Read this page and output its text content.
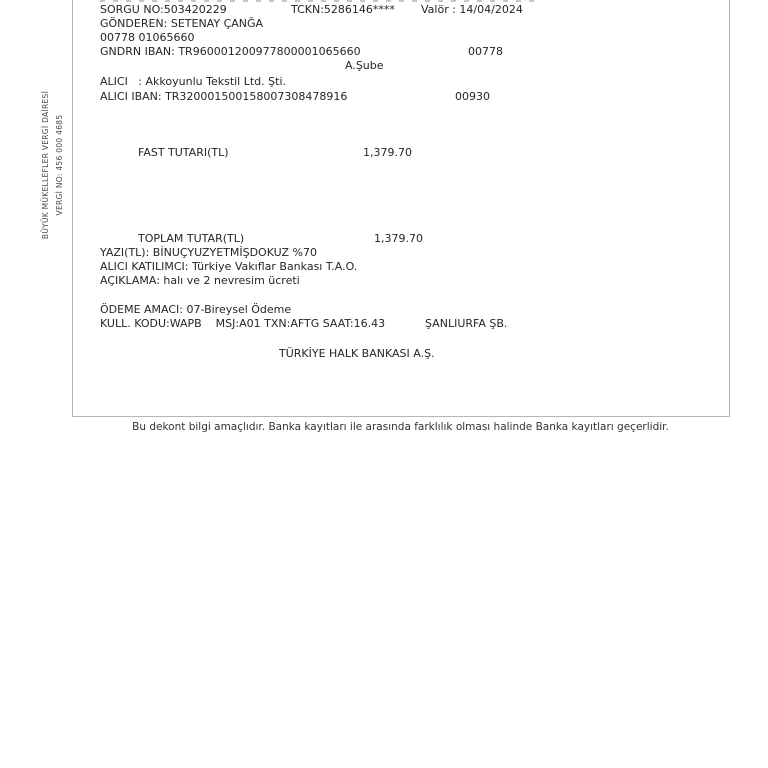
BÜYÜK MÜKELLEFLER VERGİ DAİRESİ VERGİ NO: 456 000 4685
SORGU NO:503420229	TCKN:5286146**** Valör : 14/04/2024
GÖNDEREN: SETENAY ÇANĞA
00778 01065660
GNDRN IBAN: TR960001200977800001065660	00778
A.Şube
ALICI   : Akkoyunlu Tekstil Ltd. Şti.
ALICI IBAN: TR320001500158007308478916	00930
FAST TUTARI(TL)	1,379.70
TOPLAM TUTAR(TL)	1,379.70
YAZI(TL): BİNUÇYUZYETMİŞDOKUZ %70
ALICI KATILIMCI: Türkiye Vakıflar Bankası T.A.O.
AÇIKLAMA: halı ve 2 nevresim ücreti
ÖDEME AMACI: 07-Bireysel Ödeme
KULL. KODU:WAPB    MSJ:A01 TXN:AFTG SAAT:16.43	ŞANLIURFA ŞB.
TÜRKİYE HALK BANKASI A.Ş.
Bu dekont bilgi amaçlıdır. Banka kayıtları ile arasında farklılık olması halinde Banka kayıtları geçerlidir.
